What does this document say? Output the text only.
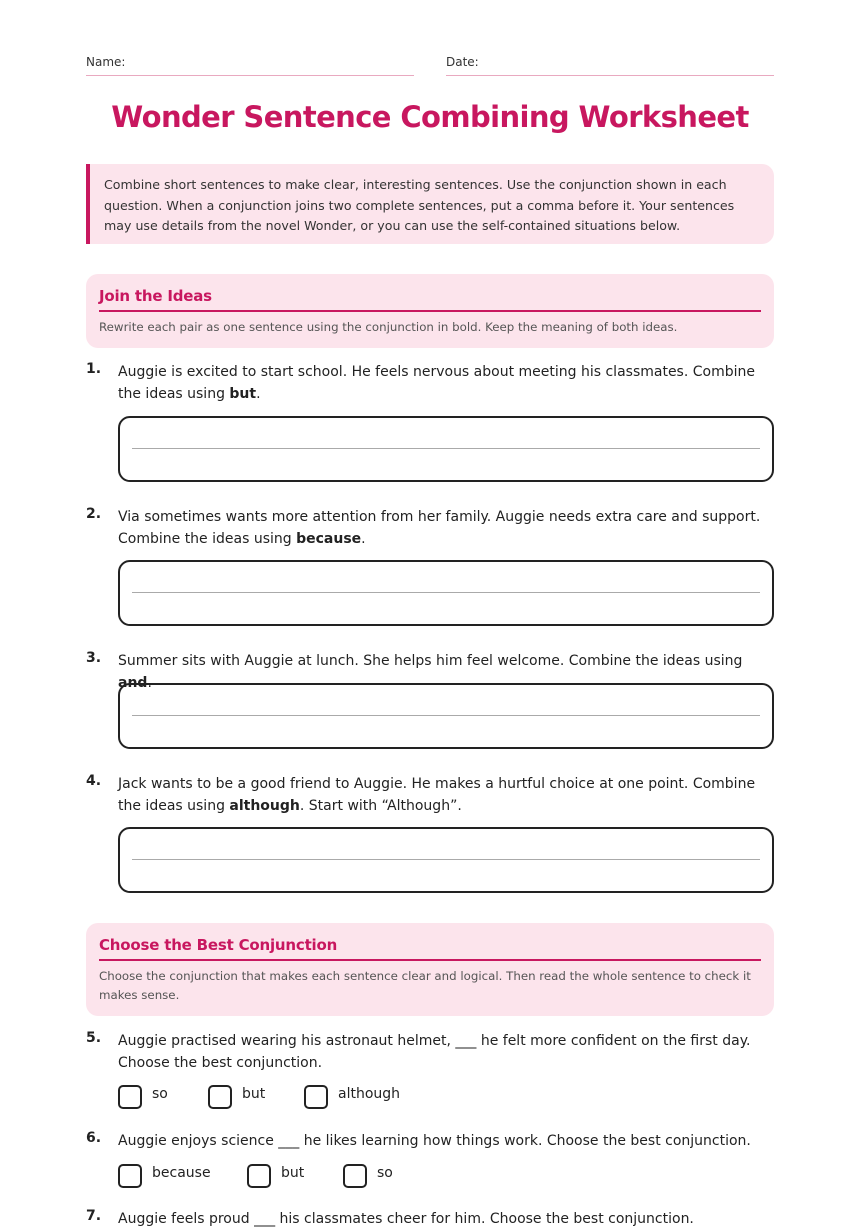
Name:	Date:
Wonder Sentence Combining Worksheet
Combine short sentences to make clear, interesting sentences. Use the conjunction shown in each question. When a conjunction joins two complete sentences, put a comma before it. Your sentences may use details from the novel Wonder, or you can use the self-contained situations below.
Join the Ideas
Rewrite each pair as one sentence using the conjunction in bold. Keep the meaning of both ideas.
1. Auggie is excited to start school. He feels nervous about meeting his classmates. Combine the ideas using but.
2. Via sometimes wants more attention from her family. Auggie needs extra care and support. Combine the ideas using because.
3. Summer sits with Auggie at lunch. She helps him feel welcome. Combine the ideas using and.
4. Jack wants to be a good friend to Auggie. He makes a hurtful choice at one point. Combine the ideas using although. Start with “Although”.
Choose the Best Conjunction
Choose the conjunction that makes each sentence clear and logical. Then read the whole sentence to check it makes sense.
5. Auggie practised wearing his astronaut helmet, ___ he felt more confident on the first day. Choose the best conjunction.
so	but	although
6. Auggie enjoys science ___ he likes learning how things work. Choose the best conjunction.
because	but	so
7. Auggie feels proud ___ his classmates cheer for him. Choose the best conjunction.
